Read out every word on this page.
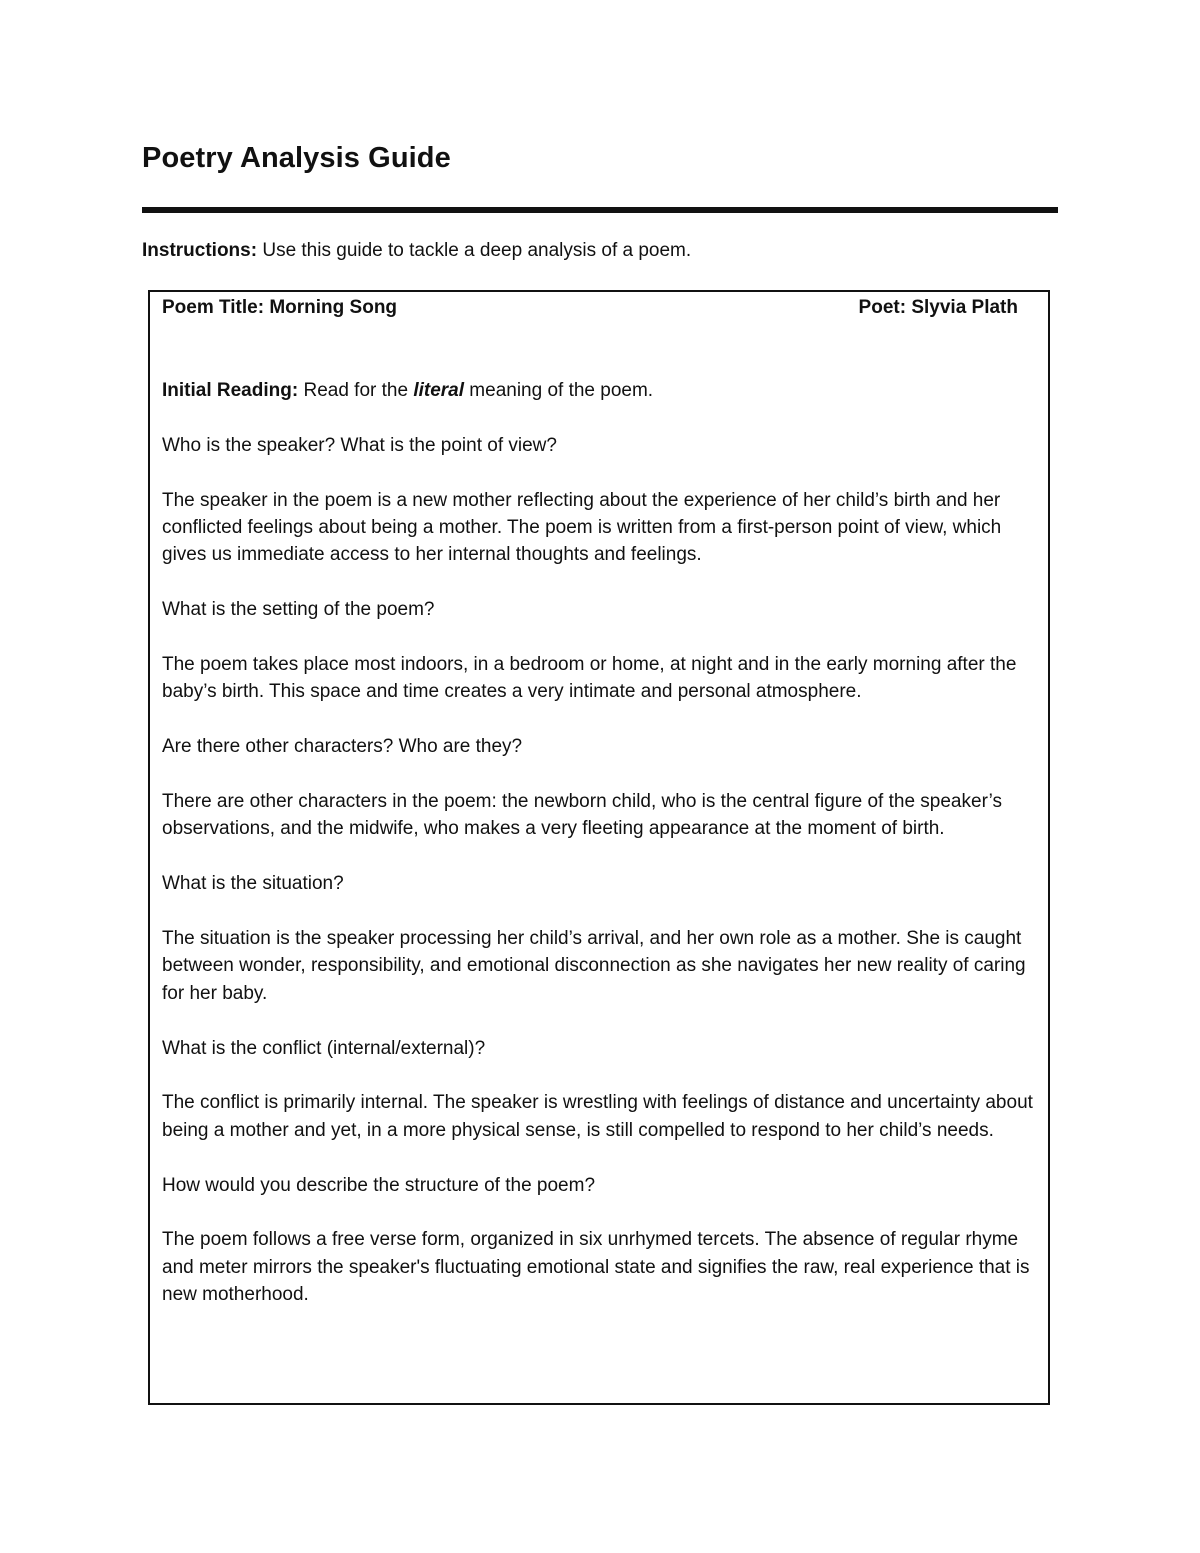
Poetry Analysis Guide
Instructions: Use this guide to tackle a deep analysis of a poem.
Poem Title: Morning Song	Poet: Slyvia Plath

Initial Reading: Read for the literal meaning of the poem.

Who is the speaker? What is the point of view?

The speaker in the poem is a new mother reflecting about the experience of her child’s birth and her conflicted feelings about being a mother. The poem is written from a first-person point of view, which gives us immediate access to her internal thoughts and feelings.

What is the setting of the poem?

The poem takes place most indoors, in a bedroom or home, at night and in the early morning after the baby’s birth. This space and time creates a very intimate and personal atmosphere.

Are there other characters? Who are they?

There are other characters in the poem: the newborn child, who is the central figure of the speaker’s observations, and the midwife, who makes a very fleeting appearance at the moment of birth.

What is the situation?

The situation is the speaker processing her child’s arrival, and her own role as a mother. She is caught between wonder, responsibility, and emotional disconnection as she navigates her new reality of caring for her baby.

What is the conflict (internal/external)?

The conflict is primarily internal. The speaker is wrestling with feelings of distance and uncertainty about being a mother and yet, in a more physical sense, is still compelled to respond to her child’s needs.

How would you describe the structure of the poem?

The poem follows a free verse form, organized in six unrhymed tercets. The absence of regular rhyme and meter mirrors the speaker's fluctuating emotional state and signifies the raw, real experience that is new motherhood.
